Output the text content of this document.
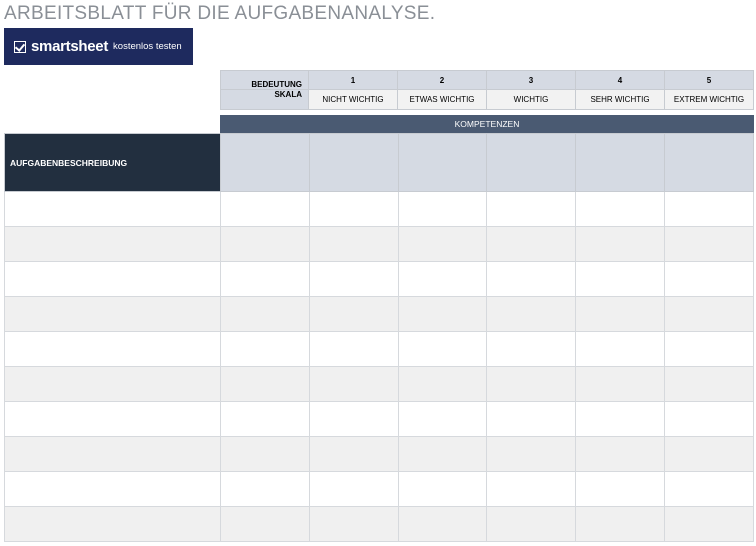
ARBEITSBLATT FÜR DIE AUFGABENANALYSE.
smartsheet kostenlos testen
BEDEUTUNG	1	2	3	4	5
SKALA	NICHT WICHTIG	ETWAS WICHTIG	WICHTIG	SEHR WICHTIG	EXTREM WICHTIG
KOMPETENZEN
AUFGABENBESCHREIBUNG						
